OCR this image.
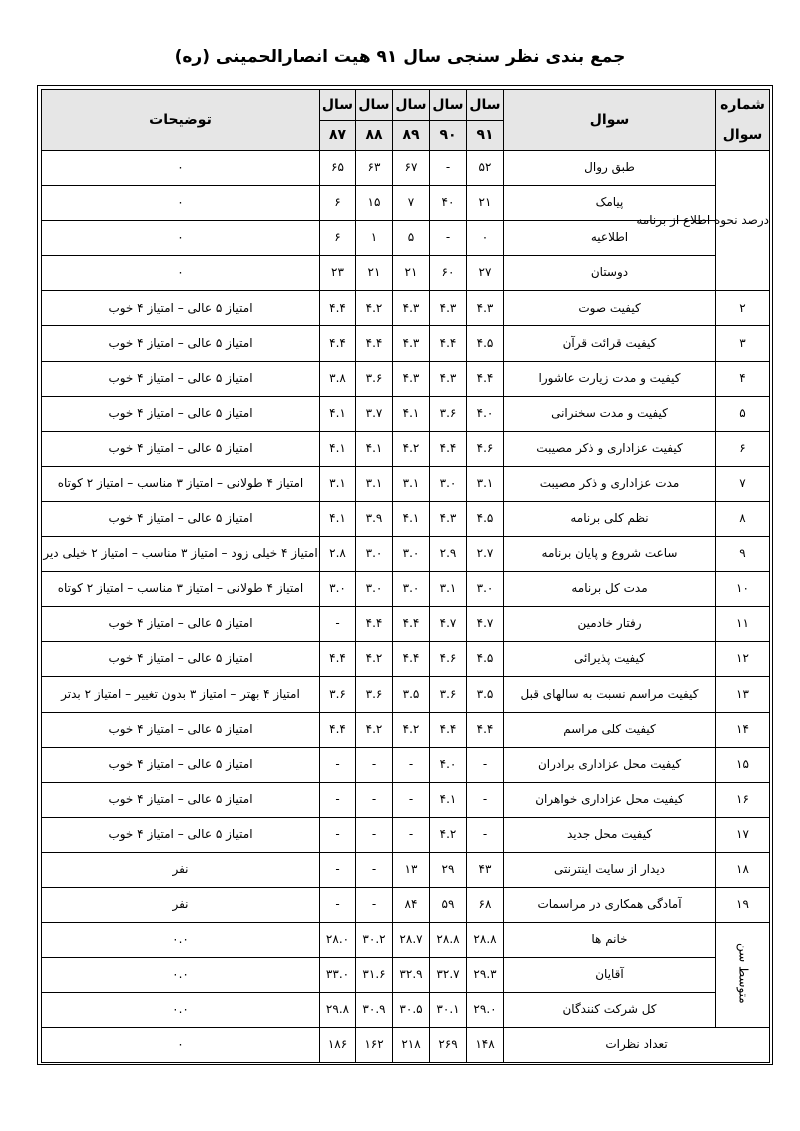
جمع بندی نظر سنجی سال ۹۱ هیت انصارالحمینی (ره)
شماره سوال	سوال	سال	سال	سال	سال	سال	توضیحات
		۹۱	۹۰	۸۹	۸۸	۸۷	
درصد نحوه اطلاع از برنامه	طبق روال	۵۲	-	۶۷	۶۳	۶۵	۰
	پیامک	۲۱	۴۰	۷	۱۵	۶	۰
	اطلاعیه	۰	-	۵	۱	۶	۰
	دوستان	۲۷	۶۰	۲۱	۲۱	۲۳	۰
۲	کیفیت صوت	۴.۳	۴.۳	۴.۳	۴.۲	۴.۴	امتیاز ۵ عالی – امتیاز ۴ خوب
۳	کیفیت قرائت قرآن	۴.۵	۴.۴	۴.۳	۴.۴	۴.۴	امتیاز ۵ عالی – امتیاز ۴ خوب
۴	کیفیت و مدت زیارت عاشورا	۴.۴	۴.۳	۴.۳	۳.۶	۳.۸	امتیاز ۵ عالی – امتیاز ۴ خوب
۵	کیفیت و مدت سخنرانی	۴.۰	۳.۶	۴.۱	۳.۷	۴.۱	امتیاز ۵ عالی – امتیاز ۴ خوب
۶	کیفیت عزاداری و ذکر مصیبت	۴.۶	۴.۴	۴.۲	۴.۱	۴.۱	امتیاز ۵ عالی – امتیاز ۴ خوب
۷	مدت عزاداری و ذکر مصیبت	۳.۱	۳.۰	۳.۱	۳.۱	۳.۱	امتیاز ۴ طولانی – امتیاز ۳ مناسب – امتیاز ۲ کوتاه
۸	نظم کلی برنامه	۴.۵	۴.۳	۴.۱	۳.۹	۴.۱	امتیاز ۵ عالی – امتیاز ۴ خوب
۹	ساعت شروع و پایان برنامه	۲.۷	۲.۹	۳.۰	۳.۰	۲.۸	امتیاز ۴ خیلی زود – امتیاز ۳ مناسب – امتیاز ۲ خیلی دیر
۱۰	مدت کل برنامه	۳.۰	۳.۱	۳.۰	۳.۰	۳.۰	امتیاز ۴ طولانی – امتیاز ۳ مناسب – امتیاز ۲ کوتاه
۱۱	رفتار خادمین	۴.۷	۴.۷	۴.۴	۴.۴	-	امتیاز ۵ عالی – امتیاز ۴ خوب
۱۲	کیفیت پذیرائی	۴.۵	۴.۶	۴.۴	۴.۲	۴.۴	امتیاز ۵ عالی – امتیاز ۴ خوب
۱۳	کیفیت مراسم نسبت به سالهای قبل	۳.۵	۳.۶	۳.۵	۳.۶	۳.۶	امتیاز ۴ بهتر – امتیاز ۳ بدون تغییر – امتیاز ۲ بدتر
۱۴	کیفیت کلی مراسم	۴.۴	۴.۴	۴.۲	۴.۲	۴.۴	امتیاز ۵ عالی – امتیاز ۴ خوب
۱۵	کیفیت محل عزاداری برادران	-	۴.۰	-	-	-	امتیاز ۵ عالی – امتیاز ۴ خوب
۱۶	کیفیت محل عزاداری خواهران	-	۴.۱	-	-	-	امتیاز ۵ عالی – امتیاز ۴ خوب
۱۷	کیفیت محل جدید	-	۴.۲	-	-	-	امتیاز ۵ عالی – امتیاز ۴ خوب
۱۸	دیدار از سایت اینترنتی	۴۳	۲۹	۱۳	-	-	نفر
۱۹	آمادگی همکاری در مراسمات	۶۸	۵۹	۸۴	-	-	نفر
متوسط سن	خانم ها	۲۸.۸	۲۸.۸	۲۸.۷	۳۰.۲	۲۸.۰	۰.۰
	آقایان	۲۹.۳	۳۲.۷	۳۲.۹	۳۱.۶	۳۳.۰	۰.۰
	کل شرکت کنندگان	۲۹.۰	۳۰.۱	۳۰.۵	۳۰.۹	۲۹.۸	۰.۰
تعداد نظرات		۱۴۸	۲۶۹	۲۱۸	۱۶۲	۱۸۶	۰
